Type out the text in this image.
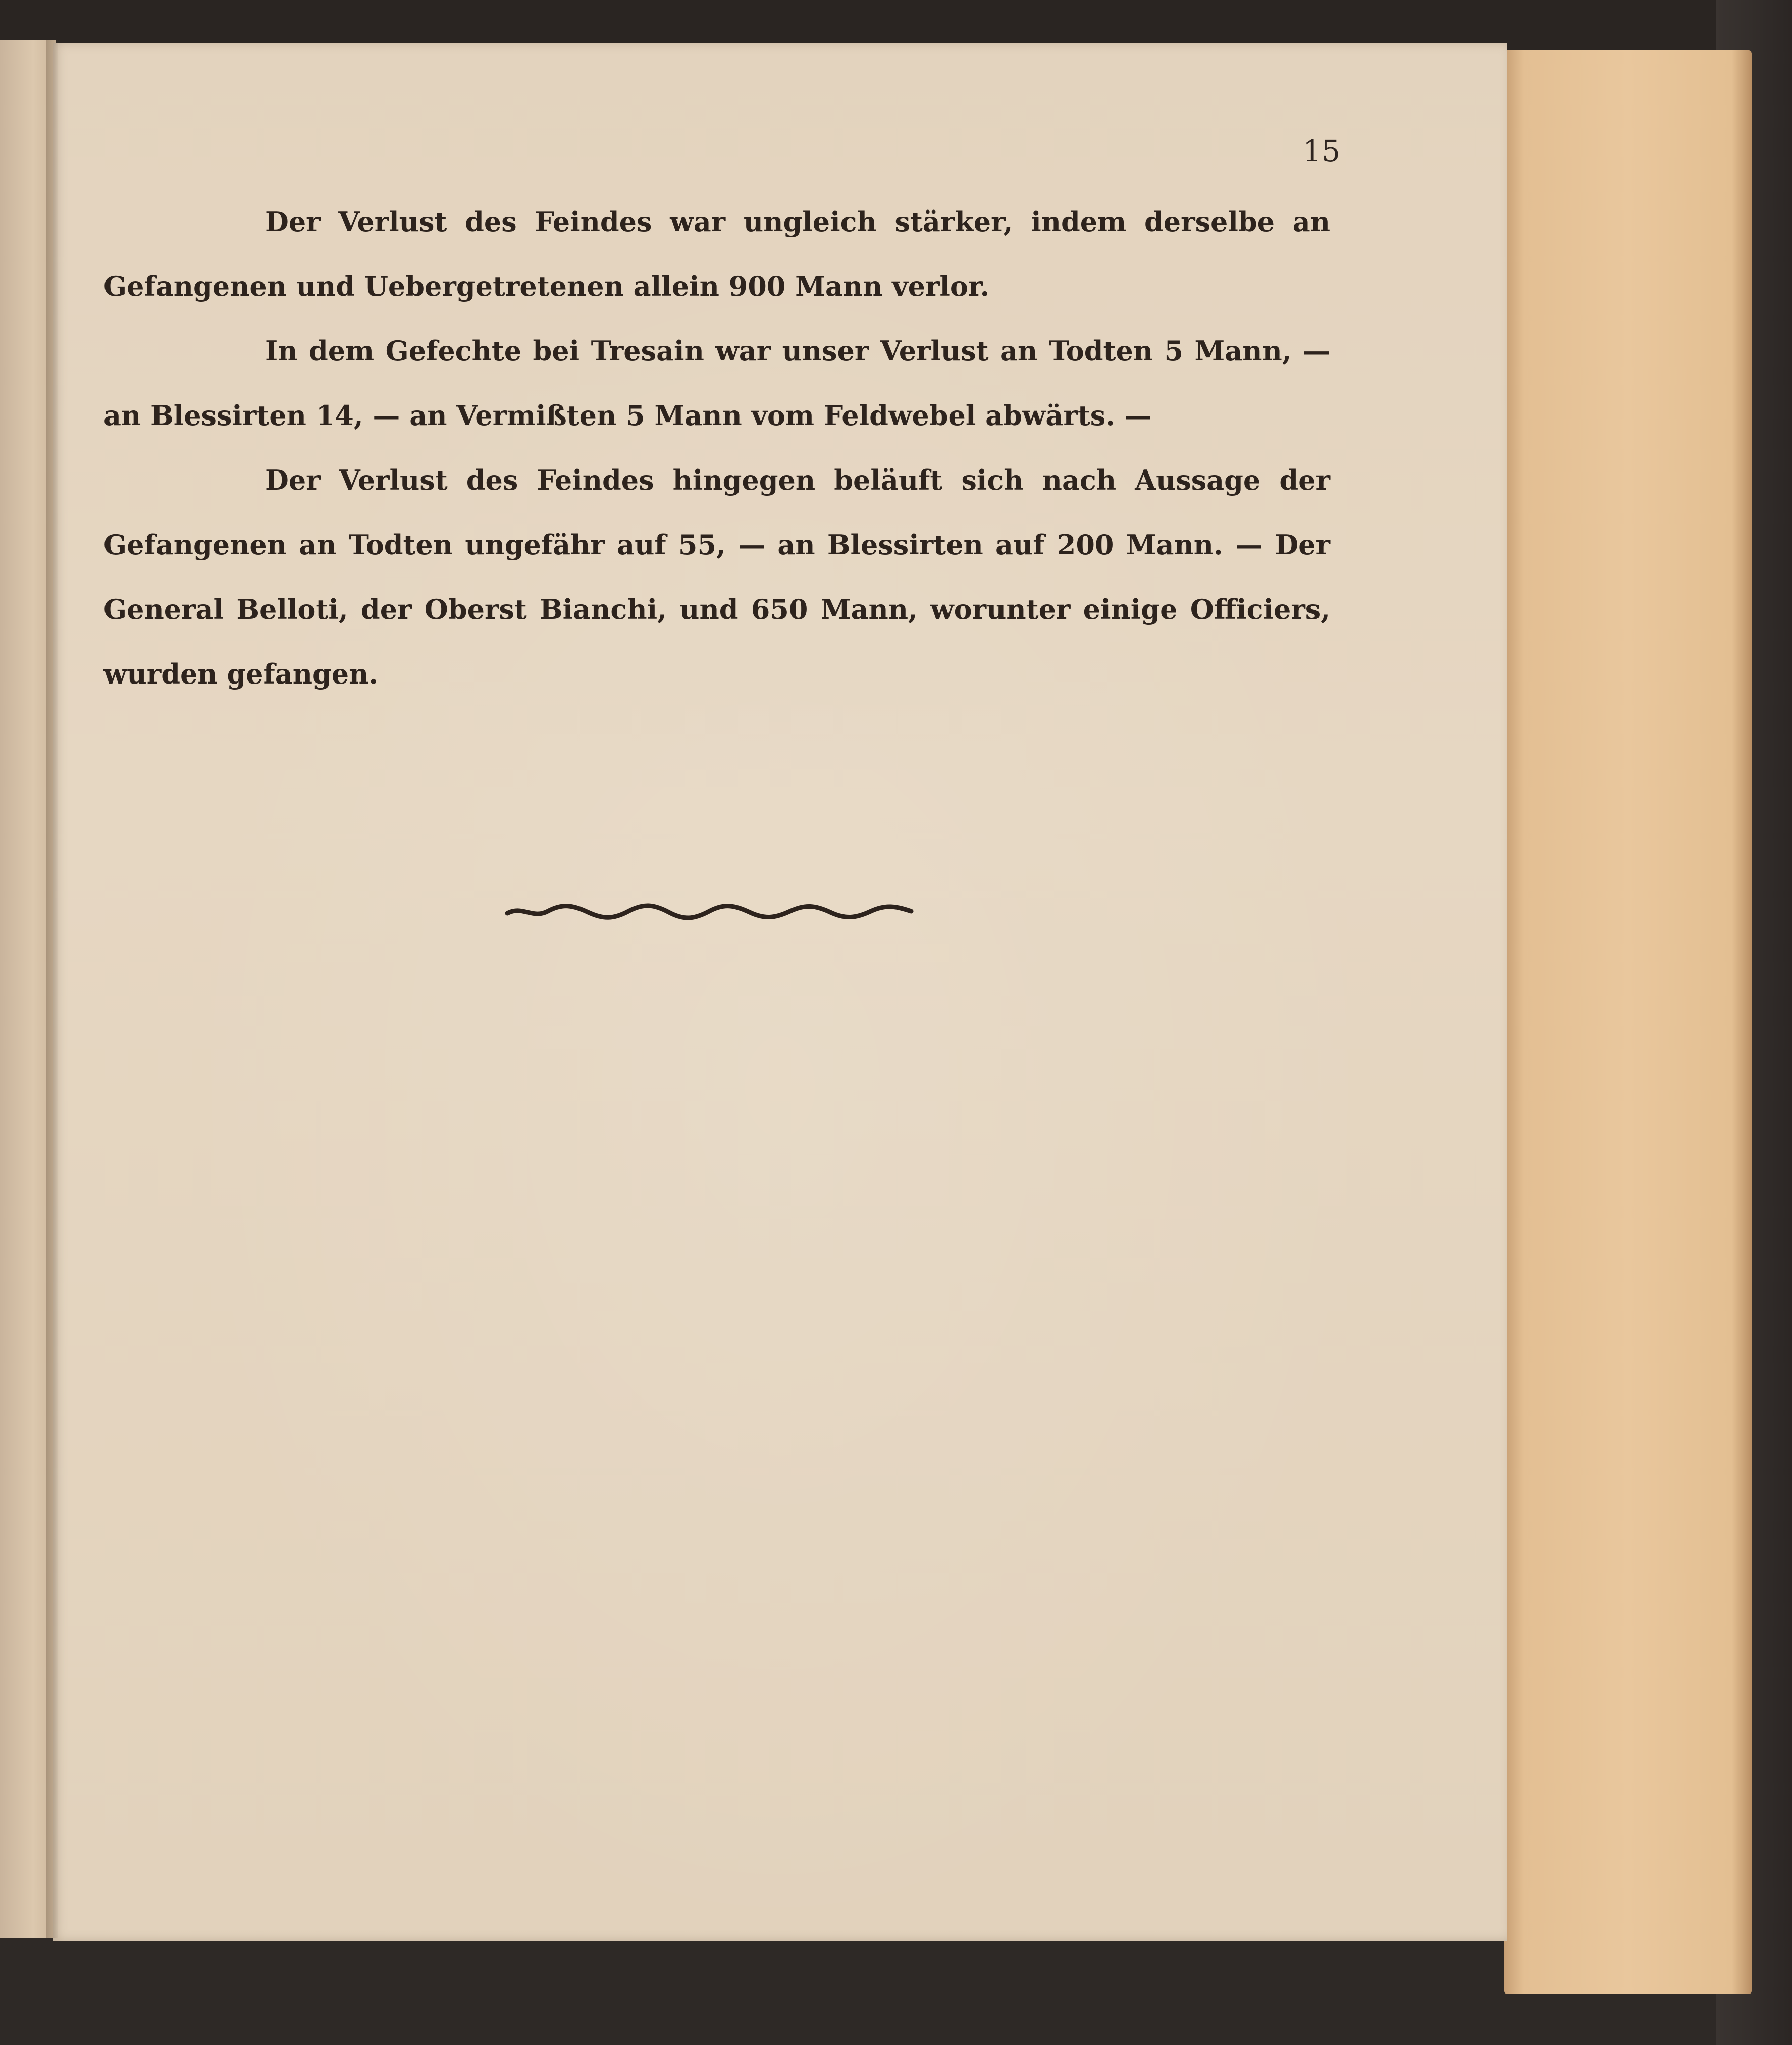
15

Der Verlust des Feindes war ungleich stärker, indem derselbe an Gefangenen und Uebergetretenen allein 900 Mann verlor.

In dem Gefechte bei Tresain war unser Verlust an Todten 5 Mann, — an Blessirten 14, — an Vermißten 5 Mann vom Feldwebel abwärts. —

Der Verlust des Feindes hingegen beläuft sich nach Aussage der Gefangenen an Todten ungefähr auf 55, — an Blessirten auf 200 Mann. — Der General Belloti, der Oberst Bianchi, und 650 Mann, worunter einige Officiers, wurden gefangen.
